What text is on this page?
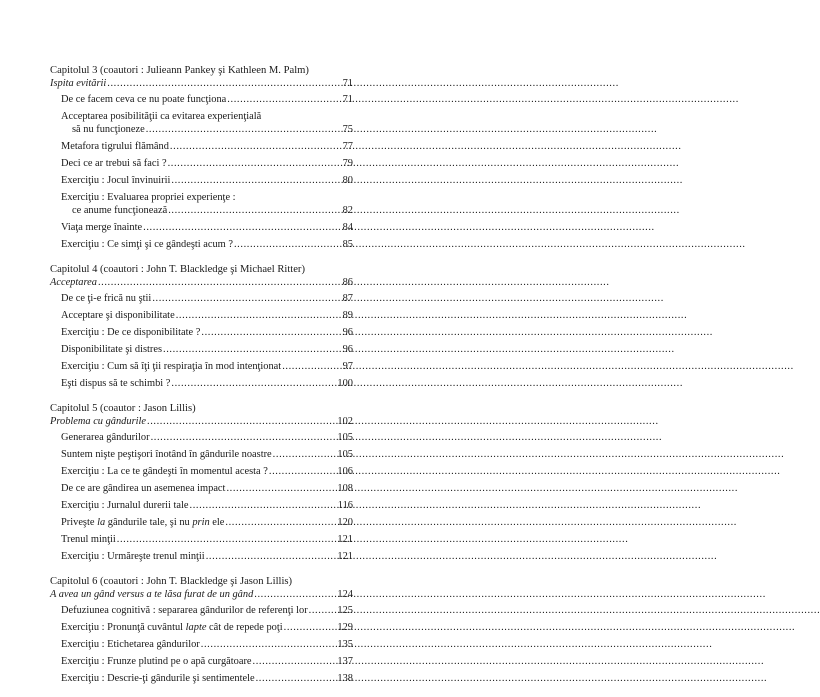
Capitolul 3 (coautori : Julieann Pankey şi Kathleen M. Palm)
Ispita evitării .....	71
De ce facem ceva ce nu poate funcţiona .....	71
Acceptarea posibilităţii ca evitarea experienţială
să nu funcţioneze .....	75
Metafora tigrului flămând .....	77
Deci ce ar trebui să faci ? .....	79
Exerciţiu : Jocul învinuirii .....	80
Exerciţiu : Evaluarea propriei experienţe :
ce anume funcţionează .....	82
Viaţa merge înainte .....	84
Exerciţiu : Ce simţi şi ce gândeşti acum ? .....	85
Capitolul 4 (coautori : John T. Blackledge şi Michael Ritter)
Acceptarea .....	86
De ce ţi-e frică nu ştii .....	87
Acceptare şi disponibilitate .....	89
Exerciţiu : De ce disponibilitate ? .....	96
Disponibilitate şi distres .....	96
Exerciţiu : Cum să îţi ţii respiraţia în mod intenţionat .....	97
Eşti dispus să te schimbi ? .....	100
Capitolul 5 (coautor : Jason Lillis)
Problema cu gândurile .....	102
Generarea gândurilor .....	105
Suntem nişte peştişori înotând în gândurile noastre .....	105
Exerciţiu : La ce te gândeşti în momentul acesta ? .....	106
De ce are gândirea un asemenea impact .....	108
Exerciţiu : Jurnalul durerii tale .....	116
Priveşte la gândurile tale, şi nu prin ele .....	120
Trenul minţii .....	121
Exerciţiu : Urmăreşte trenul minţii .....	121
Capitolul 6 (coautori : John T. Blackledge şi Jason Lillis)
A avea un gând versus a te lăsa furat de un gând .....	124
Defuziunea cognitivă : separarea gândurilor de referenţi lor .....	125
Exerciţiu : Pronunţă cuvântul lapte cât de repede poţi .....	129
Exerciţiu : Etichetarea gândurilor .....	135
Exerciţiu : Frunze plutind pe o apă curgătoare .....	137
Exerciţiu : Descrie-ţi gândurile şi sentimentele .....	138
